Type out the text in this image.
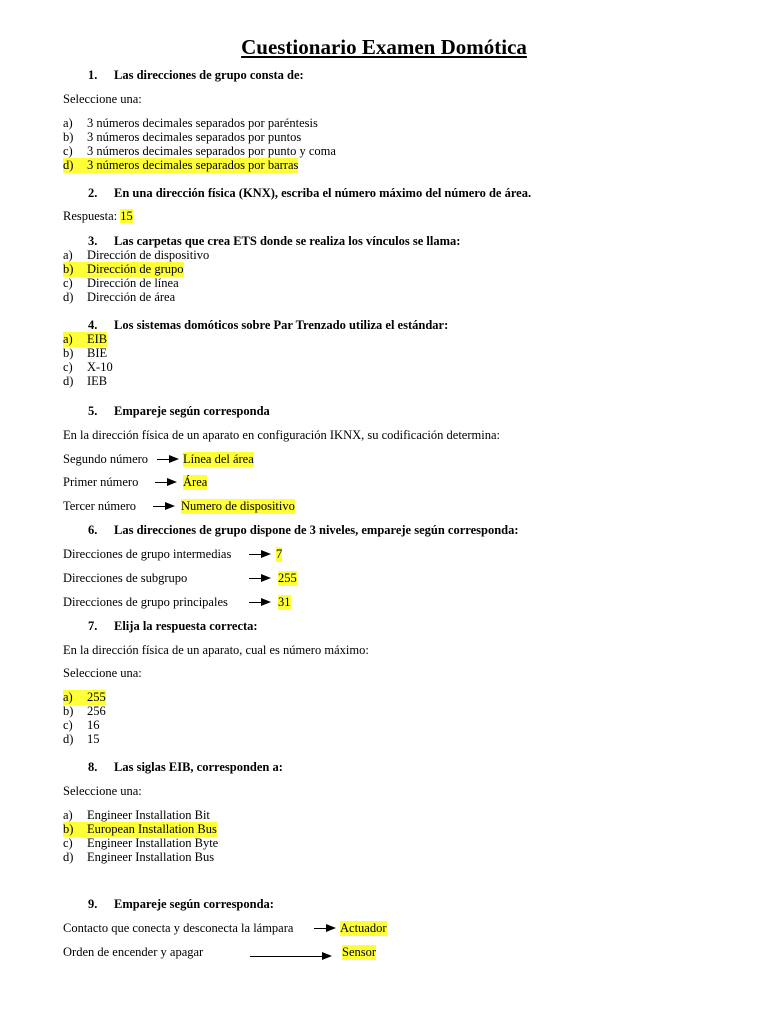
Cuestionario Examen Domótica
1. Las direcciones de grupo consta de:
Seleccione una:
a) 3 números decimales separados por paréntesis
b) 3 números decimales separados por puntos
c) 3 números decimales separados por punto y coma
d)	3 números decimales separados por barras
2. En una dirección física (KNX), escriba el número máximo del número de área.
Respuesta: 15
3. Las carpetas que crea ETS donde se realiza los vínculos se llama:
a) Dirección de dispositivo
b)	Dirección de grupo
c) Dirección de línea
d) Dirección de área
4. Los sistemas domóticos sobre Par Trenzado utiliza el estándar:
a)	EIB
b) BIE
c) X-10
d) IEB
5. Empareje según corresponda
En la dirección física de un aparato en configuración IKNX, su codificación determina:
Segundo número	Línea del área
Primer número	Área
Tercer número	Numero de dispositivo
6. Las direcciones de grupo dispone de 3 niveles, empareje según corresponda:
Direcciones de grupo intermedias	7
Direcciones de subgrupo	255
Direcciones de grupo principales	31
7. Elija la respuesta correcta:
En la dirección física de un aparato, cual es número máximo:
Seleccione una:
a)	255
b) 256
c) 16
d) 15
8. Las siglas EIB, corresponden a:
Seleccione una:
a) Engineer Installation Bit
b)	European Installation Bus
c) Engineer Installation Byte
d) Engineer Installation Bus
9. Empareje según corresponda:
Contacto que conecta y desconecta la lámpara	Actuador
Orden de encender y apagar	Sensor
